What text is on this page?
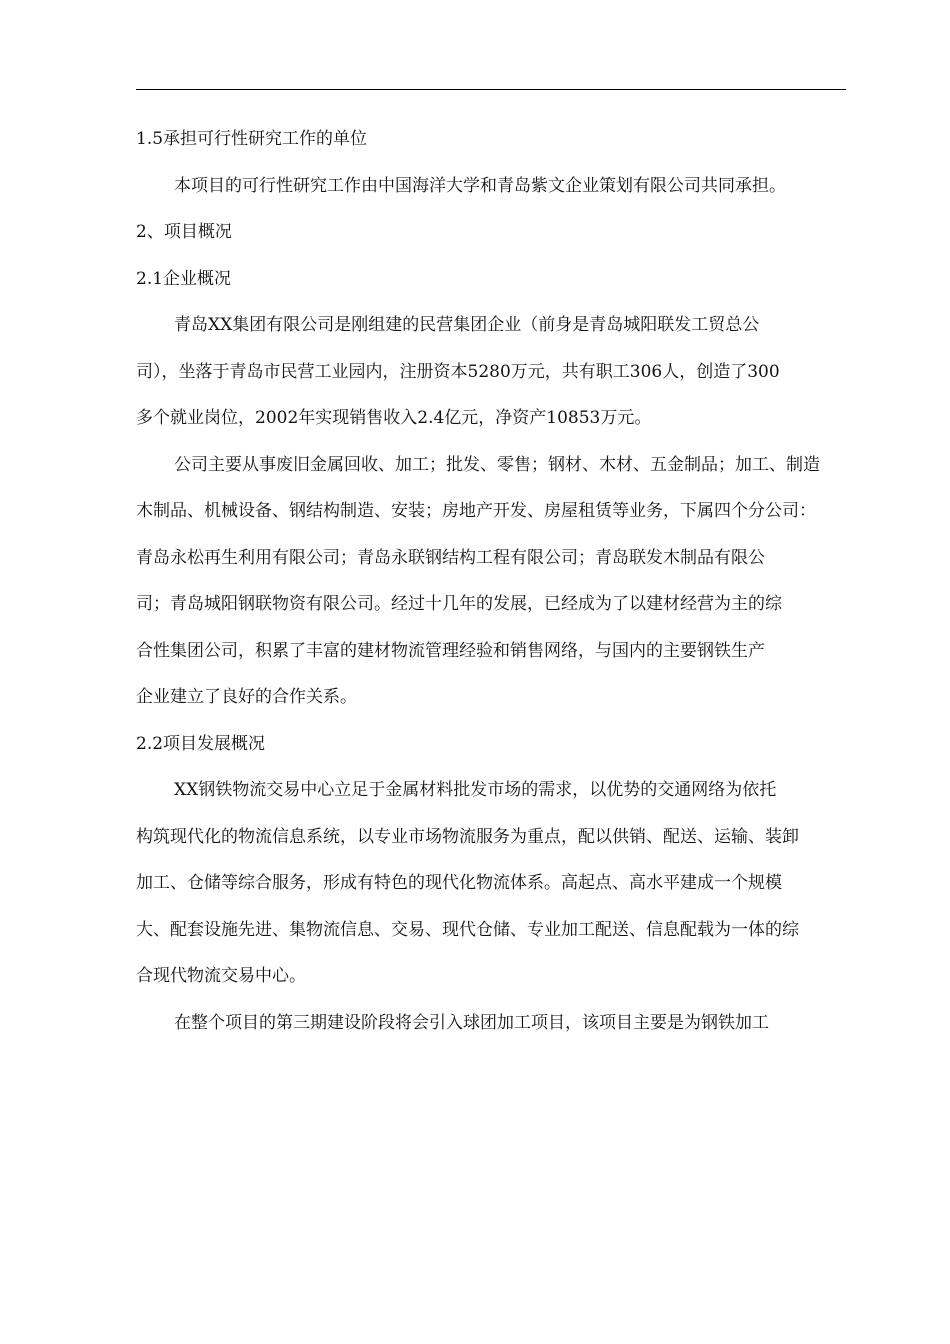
1.5承担可行性研究工作的单位
本项目的可行性研究工作由中国海洋大学和青岛紫文企业策划有限公司共同承担。
2、项目概况
2.1企业概况
青岛XX集团有限公司是刚组建的民营集团企业（前身是青岛城阳联发工贸总公
司），坐落于青岛市民营工业园内，注册资本5280万元，共有职工306人，创造了300
多个就业岗位，2002年实现销售收入2.4亿元，净资产10853万元。
公司主要从事废旧金属回收、加工；批发、零售；钢材、木材、五金制品；加工、制造
木制品、机械设备、钢结构制造、安装；房地产开发、房屋租赁等业务，下属四个分公司：
青岛永松再生利用有限公司；青岛永联钢结构工程有限公司；青岛联发木制品有限公
司；青岛城阳钢联物资有限公司。经过十几年的发展，已经成为了以建材经营为主的综
合性集团公司，积累了丰富的建材物流管理经验和销售网络，与国内的主要钢铁生产
企业建立了良好的合作关系。
2.2项目发展概况
XX钢铁物流交易中心立足于金属材料批发市场的需求，以优势的交通网络为依托
构筑现代化的物流信息系统，以专业市场物流服务为重点，配以供销、配送、运输、装卸
加工、仓储等综合服务，形成有特色的现代化物流体系。高起点、高水平建成一个规模
大、配套设施先进、集物流信息、交易、现代仓储、专业加工配送、信息配载为一体的综
合现代物流交易中心。
在整个项目的第三期建设阶段将会引入球团加工项目，该项目主要是为钢铁加工
